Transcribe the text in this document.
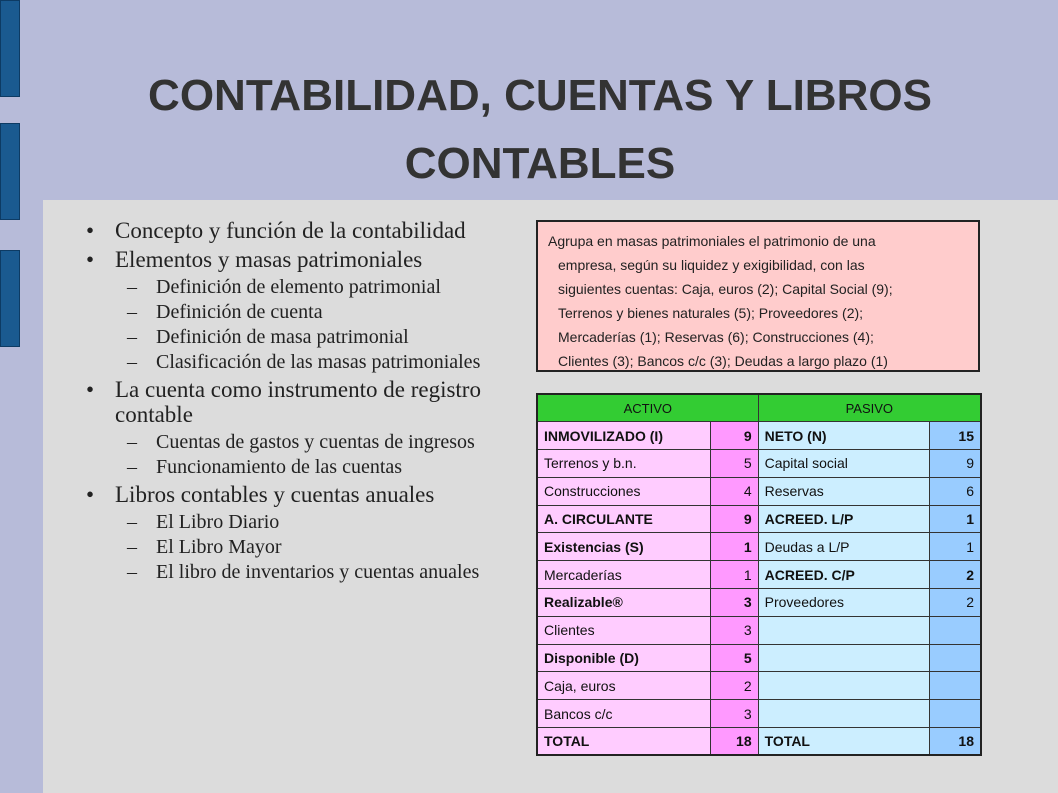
CONTABILIDAD, CUENTAS Y LIBROS CONTABLES
• Concepto y función de la contabilidad
• Elementos y masas patrimoniales
– Definición de elemento patrimonial
– Definición de cuenta
– Definición de masa patrimonial
– Clasificación de las masas patrimoniales
• La cuenta como instrumento de registro contable
– Cuentas de gastos y cuentas de ingresos
– Funcionamiento de las cuentas
• Libros contables y cuentas anuales
– El Libro Diario
– El Libro Mayor
– El libro de inventarios y cuentas anuales
Agrupa en masas patrimoniales el patrimonio de una
empresa, según su liquidez y exigibilidad, con las
siguientes cuentas: Caja, euros (2); Capital Social (9);
Terrenos y bienes naturales (5); Proveedores (2);
Mercaderías (1); Reservas (6); Construcciones (4);
Clientes (3); Bancos c/c (3); Deudas a largo plazo (1)
ACTIVO		PASIVO	
INMOVILIZADO (I)	9	NETO (N)	15
Terrenos y b.n.	5	Capital social	9
Construcciones	4	Reservas	6
A. CIRCULANTE	9	ACREED. L/P	1
Existencias (S)	1	Deudas a L/P	1
Mercaderías	1	ACREED. C/P	2
Realizable®	3	Proveedores	2
Clientes	3		
Disponible (D)	5		
Caja, euros	2		
Bancos c/c	3		
TOTAL	18	TOTAL	18
